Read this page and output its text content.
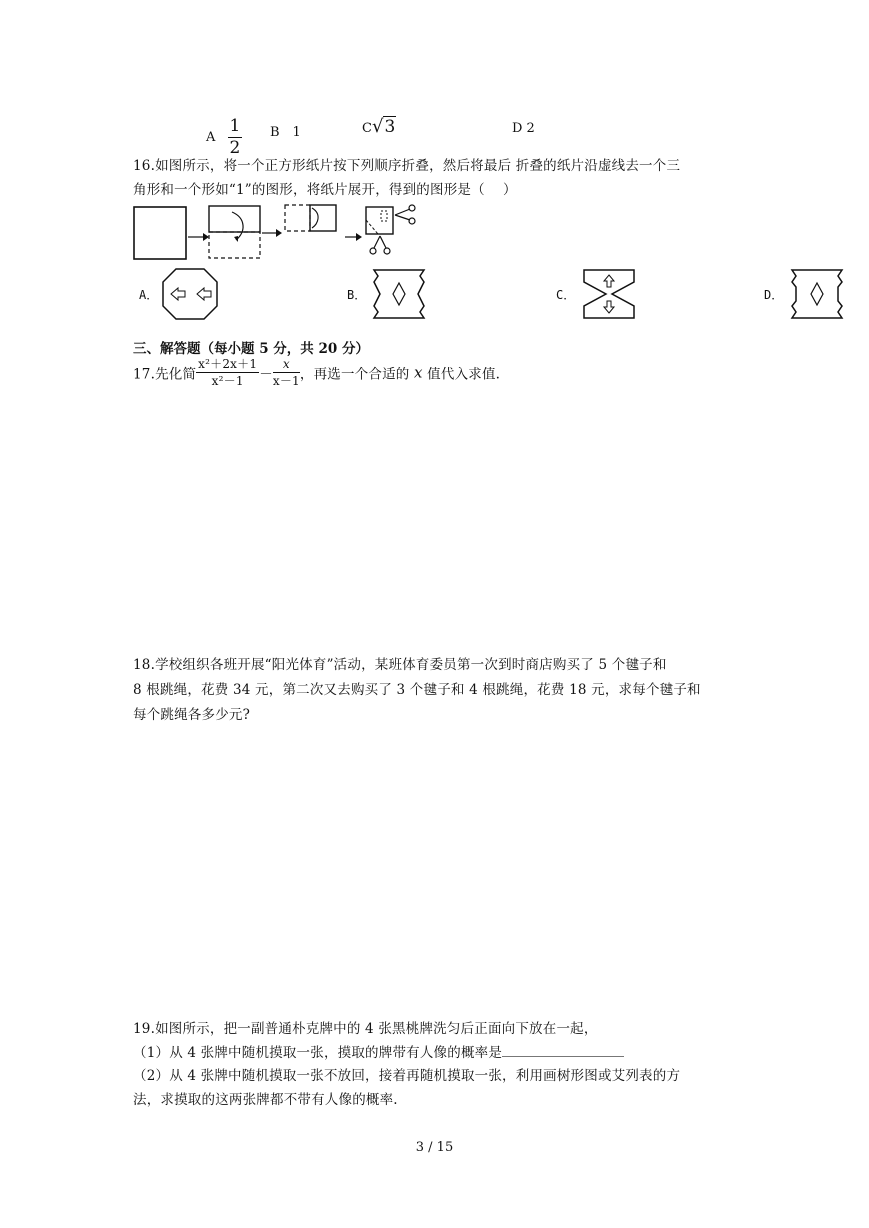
A $\frac{1}{2}$ B　1	C√3	D 2
16.如图所示，将一个正方形纸片按下列顺序折叠，然后将最后 折叠的纸片沿虚线去一个三
角形和一个形如“1”的图形，将纸片展开，得到的图形是（　 ）
A．	B．	C．	D．
三、解答题（每小题 5 分，共 20 分）
17.先化简 $\frac{\text{x²＋2x＋1}}{\text{x²－1}} - \frac{x}{x-1}$ ，再选一个合适的 x 值代入求值.
18.学校组织各班开展“阳光体育”活动，某班体育委员第一次到时商店购买了 5 个毽子和
8 根跳绳，花费 34 元，第二次又去购买了 3 个毽子和 4 根跳绳，花费 18 元，求每个毽子和
每个跳绳各多少元?
19.如图所示，把一副普通朴克牌中的 4 张黑桃牌洗匀后正面向下放在一起，
（1）从 4 张牌中随机摸取一张，摸取的牌带有人像的概率是
（2）从 4 张牌中随机摸取一张不放回，接着再随机摸取一张，利用画树形图或艾列表的方
法，求摸取的这两张牌都不带有人像的概率.
3 / 15
